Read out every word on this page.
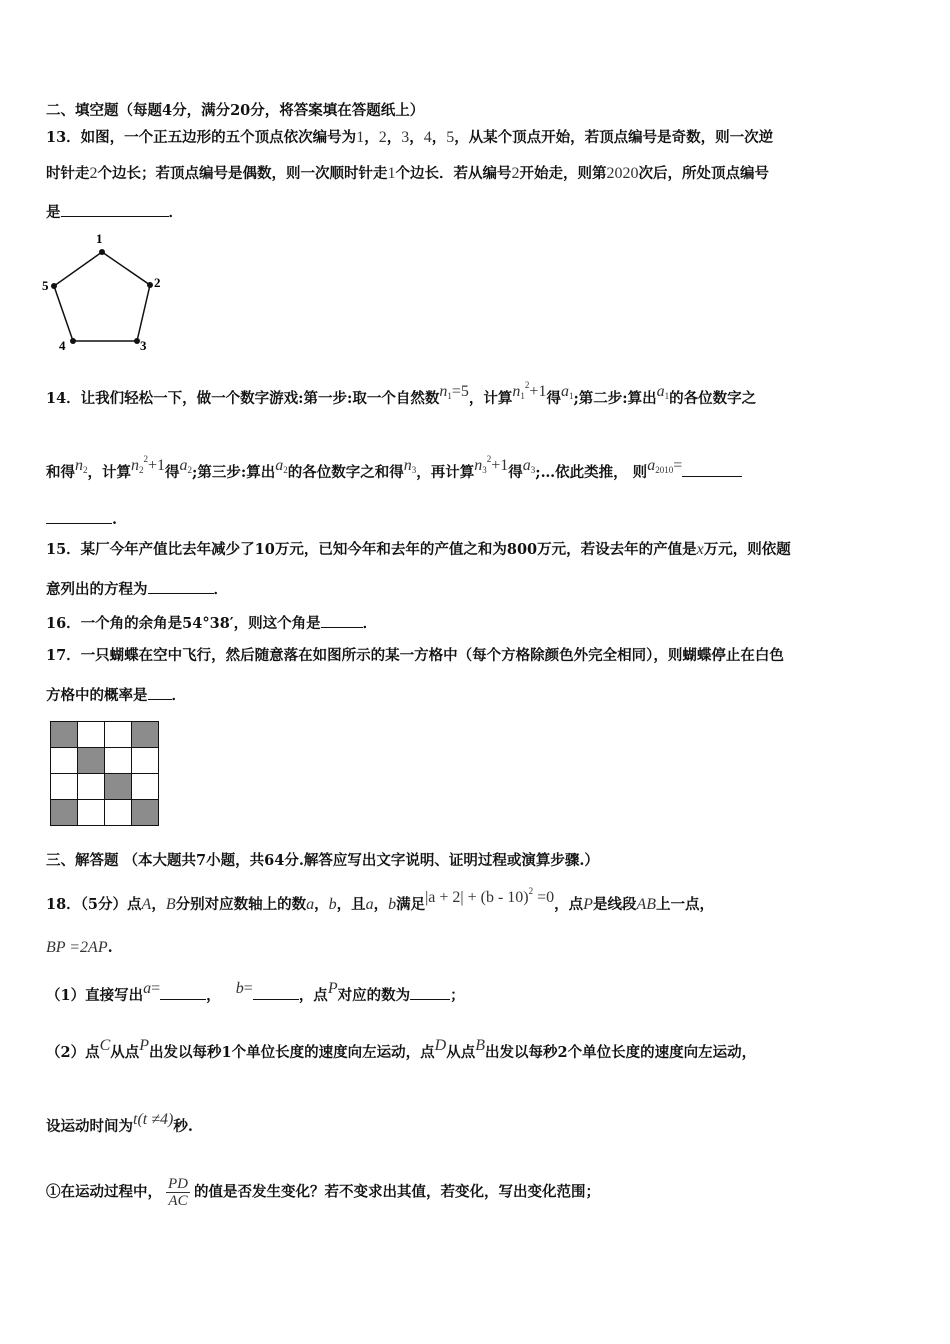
二、填空题（每题4分，满分20分，将答案填在答题纸上）
13．如图，一个正五边形的五个顶点依次编号为1，2，3，4，5，从某个顶点开始，若顶点编号是奇数，则一次逆
时针走2个边长；若顶点编号是偶数，则一次顺时针走1个边长．若从编号2开始走，则第2020次后，所处顶点编号
是	．
1
2
3
4
5
14．让我们轻松一下，做一个数字游戏:第一步:取一个自然数$n_1=5$，计算$n_1^2+1$得$a_1$;第二步:算出$a_1$的各位数字之
和得$n_2$，计算$n_2^2+1$得$a_2$;第三步:算出$a_2$的各位数字之和得$n_3$，再计算$n_3^2+1$得$a_3;\dots$依此类推， 则$a_{2010}=$
.
15．某厂今年产值比去年减少了10万元，已知今年和去年的产值之和为800万元，若设去年的产值是x万元，则依题
意列出的方程为	．
16．一个角的余角是54°38′，则这个角是	．
17．一只蝴蝶在空中飞行，然后随意落在如图所示的某一方格中（每个方格除颜色外完全相同），则蝴蝶停止在白色
方格中的概率是 ．

三、解答题 （本大题共7小题，共64分.解答应写出文字说明、证明过程或演算步骤.）
18．（5分）点A，B分别对应数轴上的数a，b，且a，b满足|a + 2| + (b - 10)$^2$ =0，点P是线段AB上一点，
BP =2AP.
（1）直接写出a=	， b=	，点P对应的数为	；
（2）点C从点P出发以每秒1个单位长度的速度向左运动，点D从点B出发以每秒2个单位长度的速度向左运动，
设运动时间为t(t ≠4)秒.
①在运动过程中， $\frac{PD}{AC}$ 的值是否发生变化？若不变求出其值，若变化，写出变化范围；
